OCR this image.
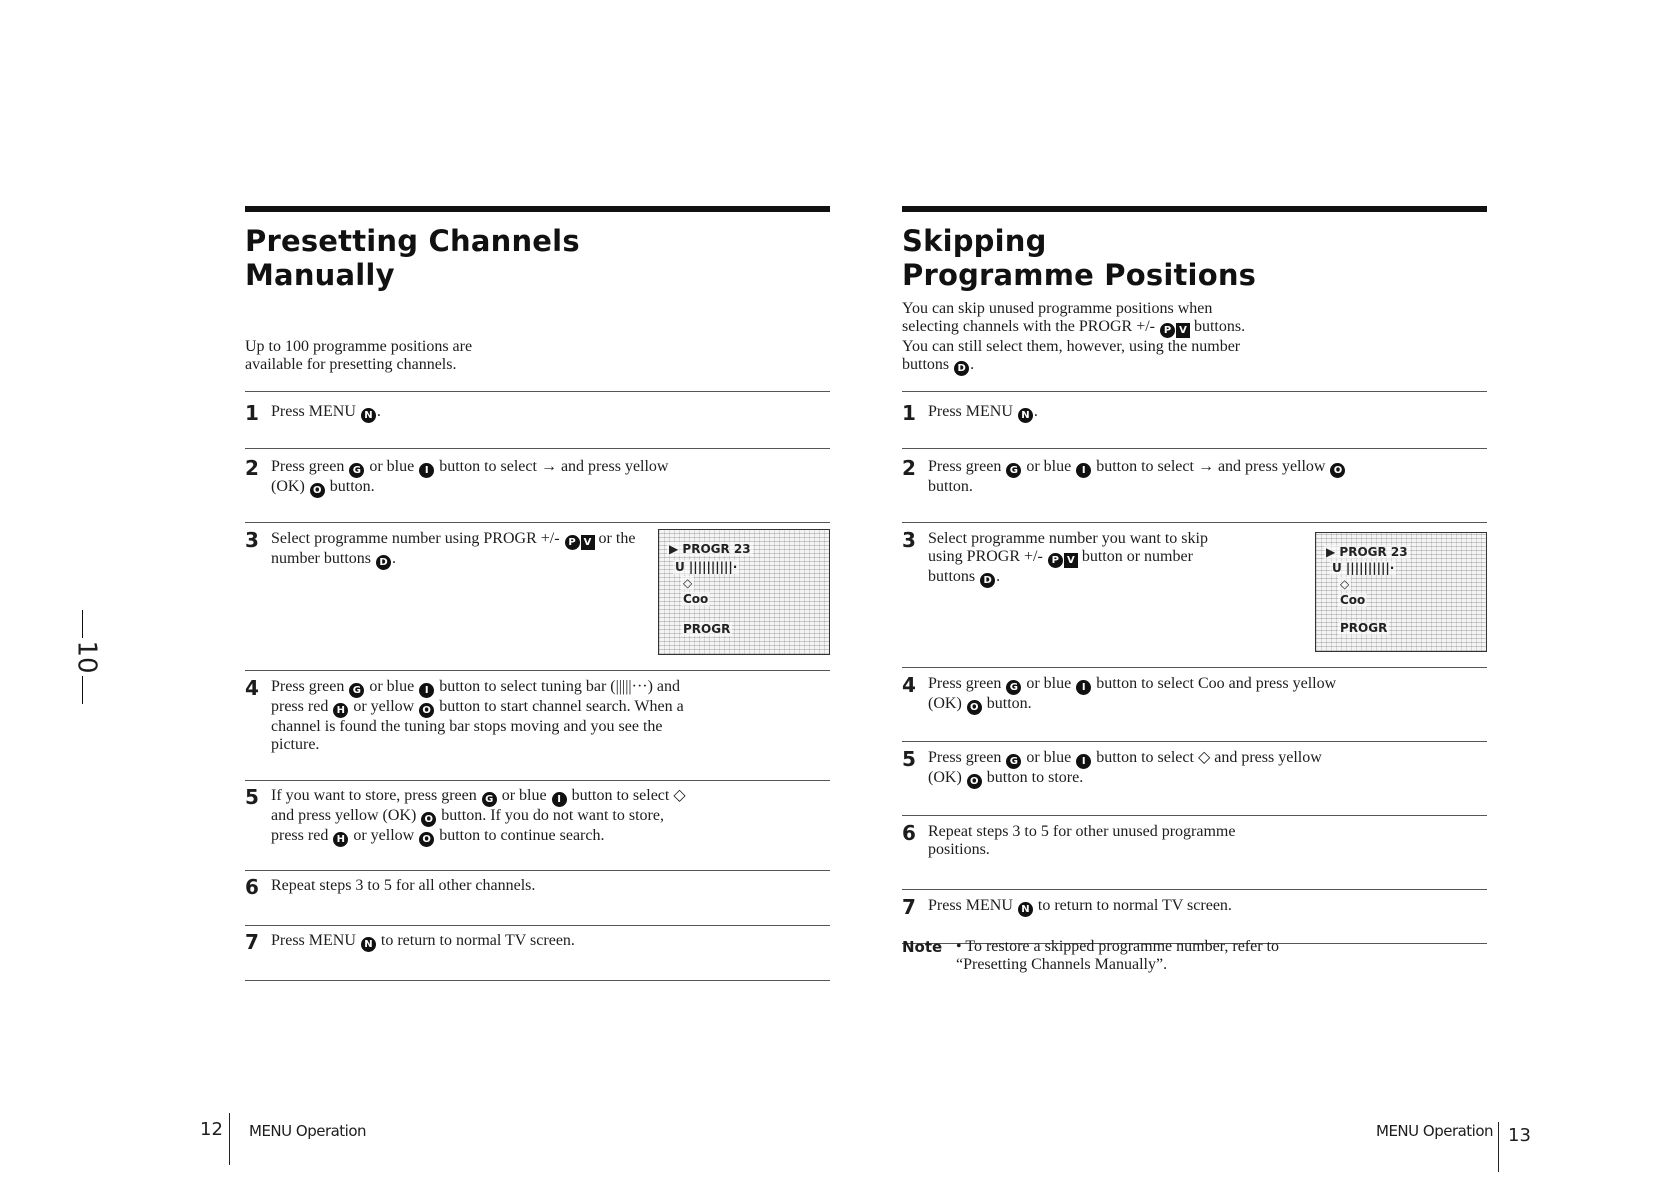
10
Presetting Channels
Manually

Up to 100 programme positions are available for presetting channels.

1 Press MENU N .
2 Press green G or blue I button to select → and press yellow (OK) O button.
3 Select programme number using PROGR +/- P V or the number buttons D .
▶ PROGR 23
U ||||||||||·
◇
Coo
PROGR
4 Press green G or blue I button to select tuning bar (|||||···) and press red H or yellow O button to start channel search. When a channel is found the tuning bar stops moving and you see the picture.
5 If you want to store, press green G or blue I button to select ◇ and press yellow (OK) O button. If you do not want to store, press red H or yellow O button to continue search.
6 Repeat steps 3 to 5 for all other channels.
7 Press MENU N to return to normal TV screen.
Skipping
Programme Positions

You can skip unused programme positions when selecting channels with the PROGR +/- P V buttons. You can still select them, however, using the number buttons D .

1 Press MENU N .
2 Press green G or blue I button to select → and press yellow O button.
3 Select programme number you want to skip using PROGR +/- P V button or number buttons D .
▶ PROGR 23
U ||||||||||·
◇
Coo
PROGR
4 Press green G or blue I button to select Coo and press yellow (OK) O button.
5 Press green G or blue I button to select ◇ and press yellow (OK) O button to store.
6 Repeat steps 3 to 5 for other unused programme positions.
7 Press MENU N to return to normal TV screen.
Note • To restore a skipped programme number, refer to “Presetting Channels Manually”.
12 MENU Operation	MENU Operation 13
